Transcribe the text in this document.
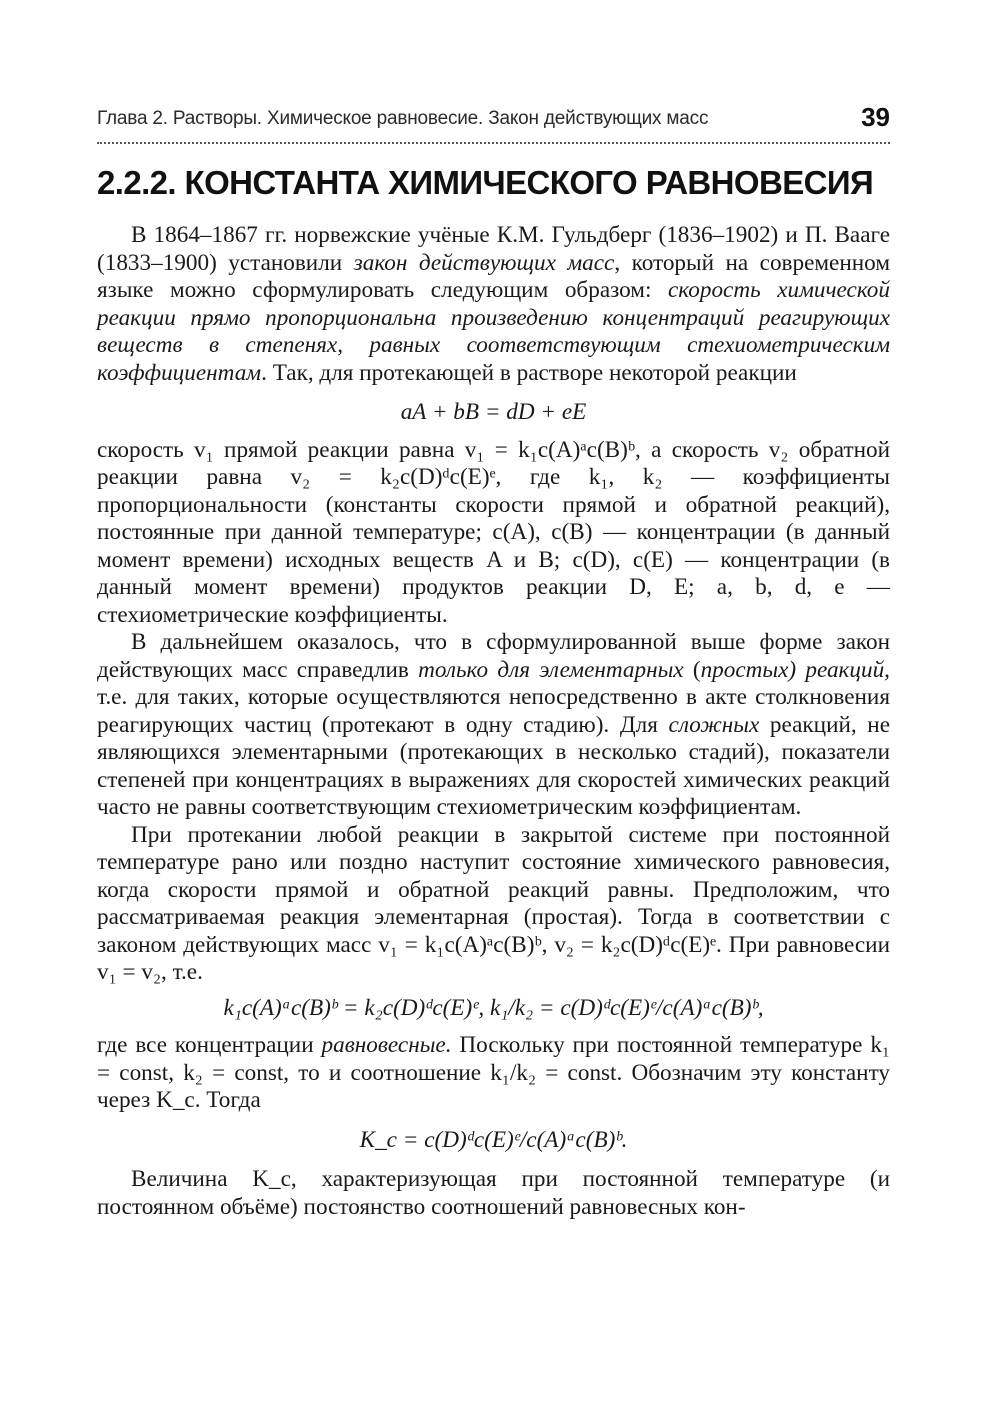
Глава 2. Растворы. Химическое равновесие. Закон действующих масс	39
2.2.2. КОНСТАНТА ХИМИЧЕСКОГО РАВНОВЕСИЯ

В 1864–1867 гг. норвежские учёные К.М. Гульдберг (1836–1902) и П. Вааге (1833–1900) установили закон действующих масс, который на современном языке можно сформулировать следующим образом: скорость химической реакции прямо пропорциональна произведению концентраций реагирующих веществ в степенях, равных соответствующим стехиометрическим коэффициентам. Так, для протекающей в растворе некоторой реакции

aA + bB = dD + eE

скорость v₁ прямой реакции равна v₁ = k₁c(A)ᵃc(B)ᵇ, а скорость v₂ обратной реакции равна v₂ = k₂c(D)ᵈc(E)ᵉ, где k₁, k₂ — коэффициенты пропорциональности (константы скорости прямой и обратной реакций), постоянные при данной температуре; c(A), c(B) — концентрации (в данный момент времени) исходных веществ A и B; c(D), c(E) — концентрации (в данный момент времени) продуктов реакции D, E; a, b, d, e — стехиометрические коэффициенты.

В дальнейшем оказалось, что в сформулированной выше форме закон действующих масс справедлив только для элементарных (простых) реакций, т.е. для таких, которые осуществляются непосредственно в акте столкновения реагирующих частиц (протекают в одну стадию). Для сложных реакций, не являющихся элементарными (протекающих в несколько стадий), показатели степеней при концентрациях в выражениях для скоростей химических реакций часто не равны соответствующим стехиометрическим коэффициентам.

При протекании любой реакции в закрытой системе при постоянной температуре рано или поздно наступит состояние химического равновесия, когда скорости прямой и обратной реакций равны. Предположим, что рассматриваемая реакция элементарная (простая). Тогда в соответствии с законом действующих масс v₁ = k₁c(A)ᵃc(B)ᵇ, v₂ = k₂c(D)ᵈc(E)ᵉ. При равновесии v₁ = v₂, т.е.

k₁c(A)ᵃc(B)ᵇ = k₂c(D)ᵈc(E)ᵉ, k₁/k₂ = c(D)ᵈc(E)ᵉ/c(A)ᵃc(B)ᵇ,

где все концентрации равновесные. Поскольку при постоянной температуре k₁ = const, k₂ = const, то и соотношение k₁/k₂ = const. Обозначим эту константу через K_c. Тогда

K_c = c(D)ᵈc(E)ᵉ/c(A)ᵃc(B)ᵇ.

Величина K_c, характеризующая при постоянной температуре (и постоянном объёме) постоянство соотношений равновесных кон-
